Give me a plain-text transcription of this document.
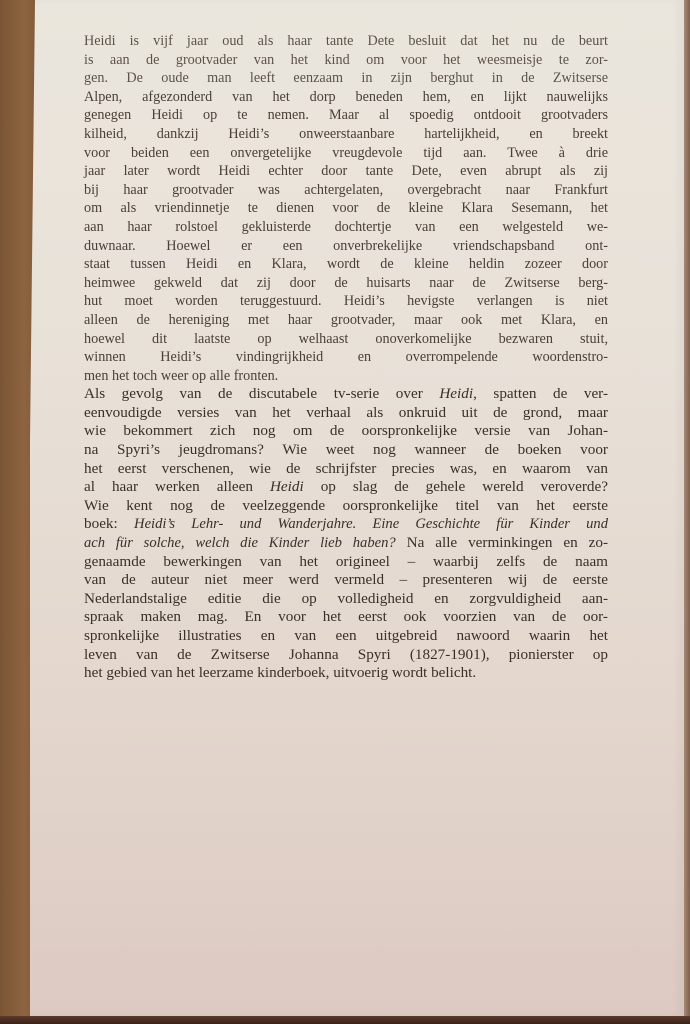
Heidi is vijf jaar oud als haar tante Dete besluit dat het nu de beurt
is aan de grootvader van het kind om voor het weesmeisje te zor-
gen. De oude man leeft eenzaam in zijn berghut in de Zwitserse
Alpen, afgezonderd van het dorp beneden hem, en lijkt nauwelijks
genegen Heidi op te nemen. Maar al spoedig ontdooit grootvaders
kilheid, dankzij Heidi’s onweerstaanbare hartelijkheid, en breekt
voor beiden een onvergetelijke vreugdevole tijd aan. Twee à drie
jaar later wordt Heidi echter door tante Dete, even abrupt als zij
bij haar grootvader was achtergelaten, overgebracht naar Frankfurt
om als vriendinnetje te dienen voor de kleine Klara Sesemann, het
aan haar rolstoel gekluisterde dochtertje van een welgesteld we-
duwnaar. Hoewel er een onverbrekelijke vriendschapsband ont-
staat tussen Heidi en Klara, wordt de kleine heldin zozeer door
heimwee gekweld dat zij door de huisarts naar de Zwitserse berg-
hut moet worden teruggestuurd. Heidi’s hevigste verlangen is niet
alleen de hereniging met haar grootvader, maar ook met Klara, en
hoewel dit laatste op welhaast onoverkomelijke bezwaren stuit,
winnen Heidi’s vindingrijkheid en overrompelende woordenstro-
men het toch weer op alle fronten.
Als gevolg van de discutabele tv-serie over Heidi, spatten de ver-
eenvoudigde versies van het verhaal als onkruid uit de grond, maar
wie bekommert zich nog om de oorspronkelijke versie van Johan-
na Spyri’s jeugdromans? Wie weet nog wanneer de boeken voor
het eerst verschenen, wie de schrijfster precies was, en waarom van
al haar werken alleen Heidi op slag de gehele wereld veroverde?
Wie kent nog de veelzeggende oorspronkelijke titel van het eerste
boek: Heidi’s Lehr- und Wanderjahre. Eine Geschichte für Kinder und
ach für solche, welch die Kinder lieb haben? Na alle verminkingen en zo-
genaamde bewerkingen van het origineel – waarbij zelfs de naam
van de auteur niet meer werd vermeld – presenteren wij de eerste
Nederlandstalige editie die op volledigheid en zorgvuldigheid aan-
spraak maken mag. En voor het eerst ook voorzien van de oor-
spronkelijke illustraties en van een uitgebreid nawoord waarin het
leven van de Zwitserse Johanna Spyri (1827-1901), pionierster op
het gebied van het leerzame kinderboek, uitvoerig wordt belicht.
